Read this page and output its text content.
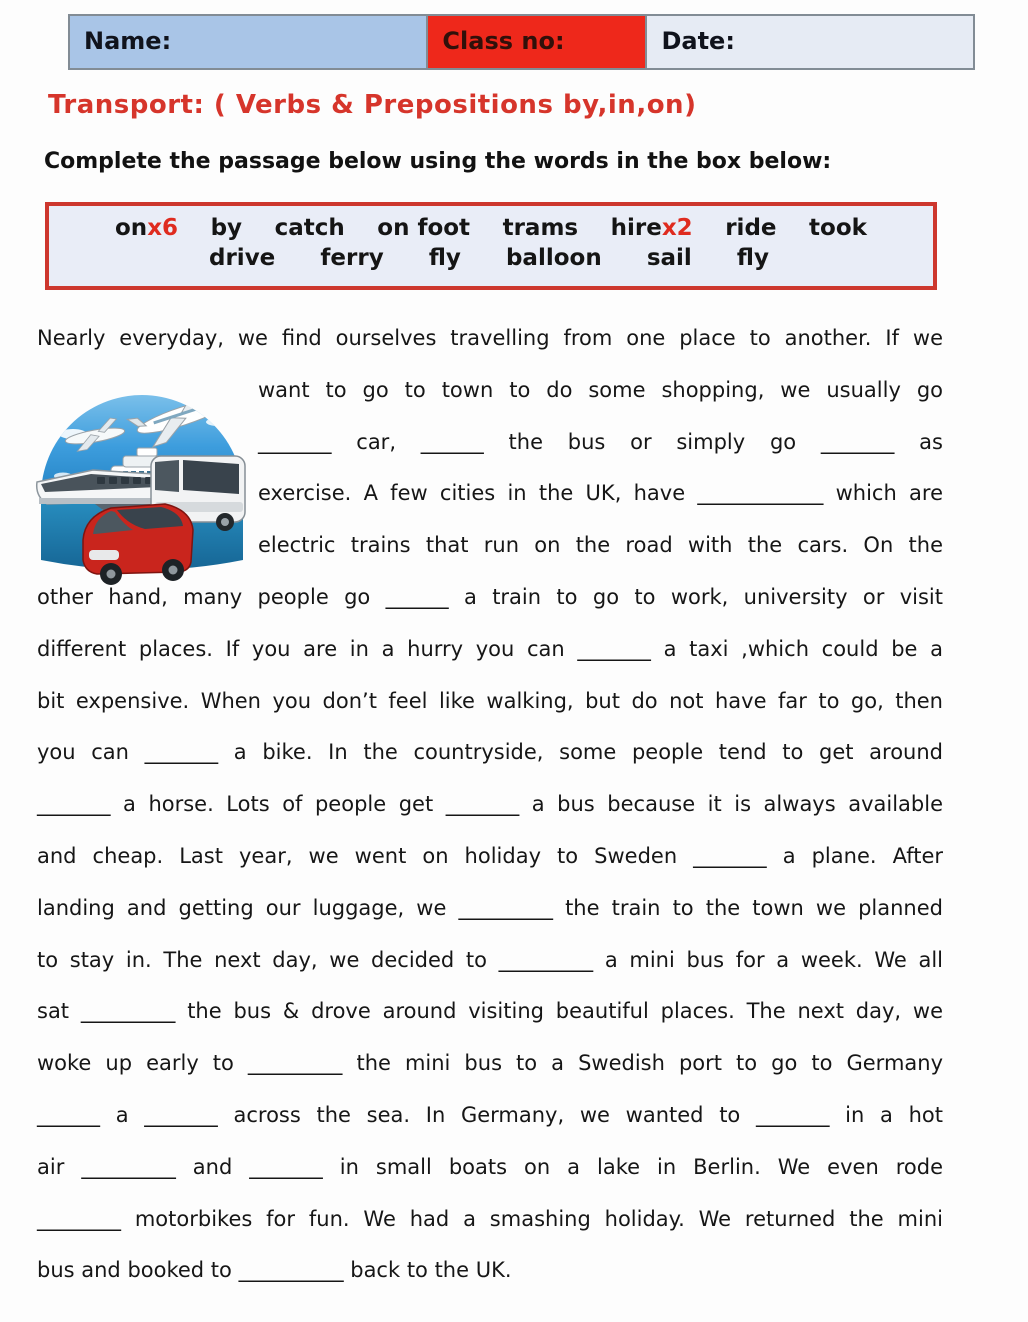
Name:	Class no:	Date:
Transport: ( Verbs & Prepositions by,in,on)
Complete the passage below using the words in the box below:
onx6 by catch on foot trams hirex2 ride took
drive ferry fly balloon sail fly
Nearly everyday, we find ourselves travelling from one place to another. If we
want to go to town to do some shopping, we usually go
_______ car, ______ the bus or simply go _______ as
exercise. A few cities in the UK, have ____________ which are
electric trains that run on the road with the cars. On the
other hand, many people go ______ a train to go to work, university or visit
different places. If you are in a hurry you can _______ a taxi ,which could be a
bit expensive. When you don’t feel like walking, but do not have far to go, then
you can _______ a bike. In the countryside, some people tend to get around
_______ a horse. Lots of people get _______ a bus because it is always available
and cheap. Last year, we went on holiday to Sweden _______ a plane. After
landing and getting our luggage, we _________ the train to the town we planned
to stay in. The next day, we decided to _________ a mini bus for a week. We all
sat _________ the bus & drove around visiting beautiful places. The next day, we
woke up early to _________ the mini bus to a Swedish port to go to Germany
______ a _______ across the sea. In Germany, we wanted to _______ in a hot
air _________ and _______ in small boats on a lake in Berlin. We even rode
________ motorbikes for fun. We had a smashing holiday. We returned the mini
bus and booked to __________ back to the UK.
